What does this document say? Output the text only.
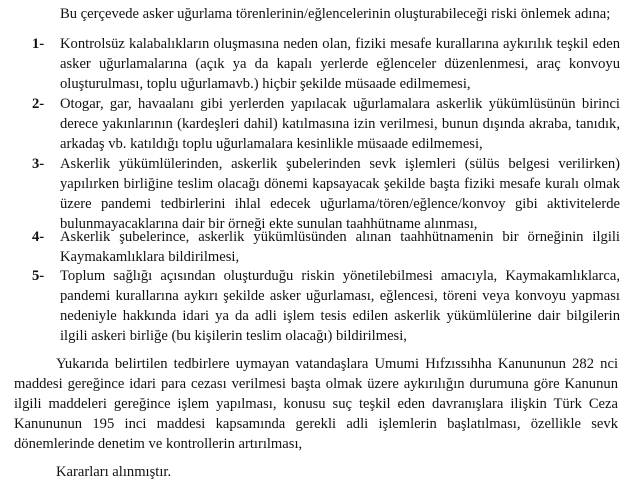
Bu çerçevede asker uğurlama törenlerinin/eğlencelerinin oluşturabileceği riski önlemek adına;
1- Kontrolsüz kalabalıkların oluşmasına neden olan, fiziki mesafe kurallarına aykırılık teşkil eden asker uğurlamalarına (açık ya da kapalı yerlerde eğlenceler düzenlenmesi, araç konvoyu oluşturulması, toplu uğurlamavb.) hiçbir şekilde müsaade edilmemesi,
2- Otogar, gar, havaalanı gibi yerlerden yapılacak uğurlamalara askerlik yükümlüsünün birinci derece yakınlarının (kardeşleri dahil) katılmasına izin verilmesi, bunun dışında akraba, tanıdık, arkadaş vb. katıldığı toplu uğurlamalara kesinlikle müsaade edilmemesi,
3- Askerlik yükümlülerinden, askerlik şubelerinden sevk işlemleri (sülüs belgesi verilirken) yapılırken birliğine teslim olacağı dönemi kapsayacak şekilde başta fiziki mesafe kuralı olmak üzere pandemi tedbirlerini ihlal edecek uğurlama/tören/eğlence/konvoy gibi aktivitelerde bulunmayacaklarına dair bir örneği ekte sunulan taahhütname alınması,
4- Askerlik şubelerince, askerlik yükümlüsünden alınan taahhütnamenin bir örneğinin ilgili Kaymakamlıklara bildirilmesi,
5- Toplum sağlığı açısından oluşturduğu riskin yönetilebilmesi amacıyla, Kaymakamlıklarca, pandemi kurallarına aykırı şekilde asker uğurlaması, eğlencesi, töreni veya konvoyu yapması nedeniyle hakkında idari ya da adli işlem tesis edilen askerlik yükümlülerine dair bilgilerin ilgili askeri birliğe (bu kişilerin teslim olacağı) bildirilmesi,
Yukarıda belirtilen tedbirlere uymayan vatandaşlara Umumi Hıfzıssıhha Kanununun 282 nci maddesi gereğince idari para cezası verilmesi başta olmak üzere aykırılığın durumuna göre Kanunun ilgili maddeleri gereğince işlem yapılması, konusu suç teşkil eden davranışlara ilişkin Türk Ceza Kanununun 195 inci maddesi kapsamında gerekli adli işlemlerin başlatılması, özellikle sevk dönemlerinde denetim ve kontrollerin artırılması,
Kararları alınmıştır.
